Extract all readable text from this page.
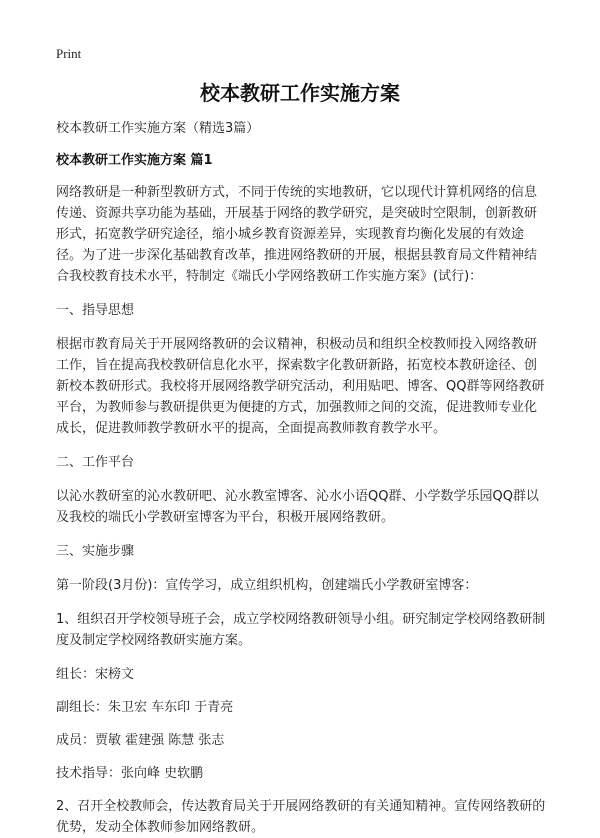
Print
校本教研工作实施方案

校本教研工作实施方案（精选3篇）

校本教研工作实施方案 篇1

网络教研是一种新型教研方式，不同于传统的实地教研，它以现代计算机网络的信息传递、资源共享功能为基础，开展基于网络的教学研究，是突破时空限制，创新教研形式，拓宽教学研究途径，缩小城乡教育资源差异，实现教育均衡化发展的有效途径。为了进一步深化基础教育改革，推进网络教研的开展，根据县教育局文件精神结合我校教育技术水平，特制定《端氏小学网络教研工作实施方案》(试行)：

一、指导思想

根据市教育局关于开展网络教研的会议精神，积极动员和组织全校教师投入网络教研工作，旨在提高我校教研信息化水平，探索数字化教研新路，拓宽校本教研途径、创新校本教研形式。我校将开展网络教学研究活动，利用贴吧、博客、QQ群等网络教研平台，为教师参与教研提供更为便捷的方式，加强教师之间的交流，促进教师专业化成长，促进教师教学教研水平的提高，全面提高教师教育教学水平。

二、工作平台

以沁水教研室的沁水教研吧、沁水教室博客、沁水小语QQ群、小学数学乐园QQ群以及我校的端氏小学教研室博客为平台，积极开展网络教研。

三、实施步骤

第一阶段(3月份)：宣传学习，成立组织机构，创建端氏小学教研室博客：

1、组织召开学校领导班子会，成立学校网络教研领导小组。研究制定学校网络教研制度及制定学校网络教研实施方案。

组长：宋榜文

副组长：朱卫宏 车东印 于青亮

成员：贾敏 霍建强 陈慧 张志

技术指导：张向峰 史软鹏

2、召开全校教师会，传达教育局关于开展网络教研的有关通知精神。宣传网络教研的优势，发动全体教师参加网络教研。
